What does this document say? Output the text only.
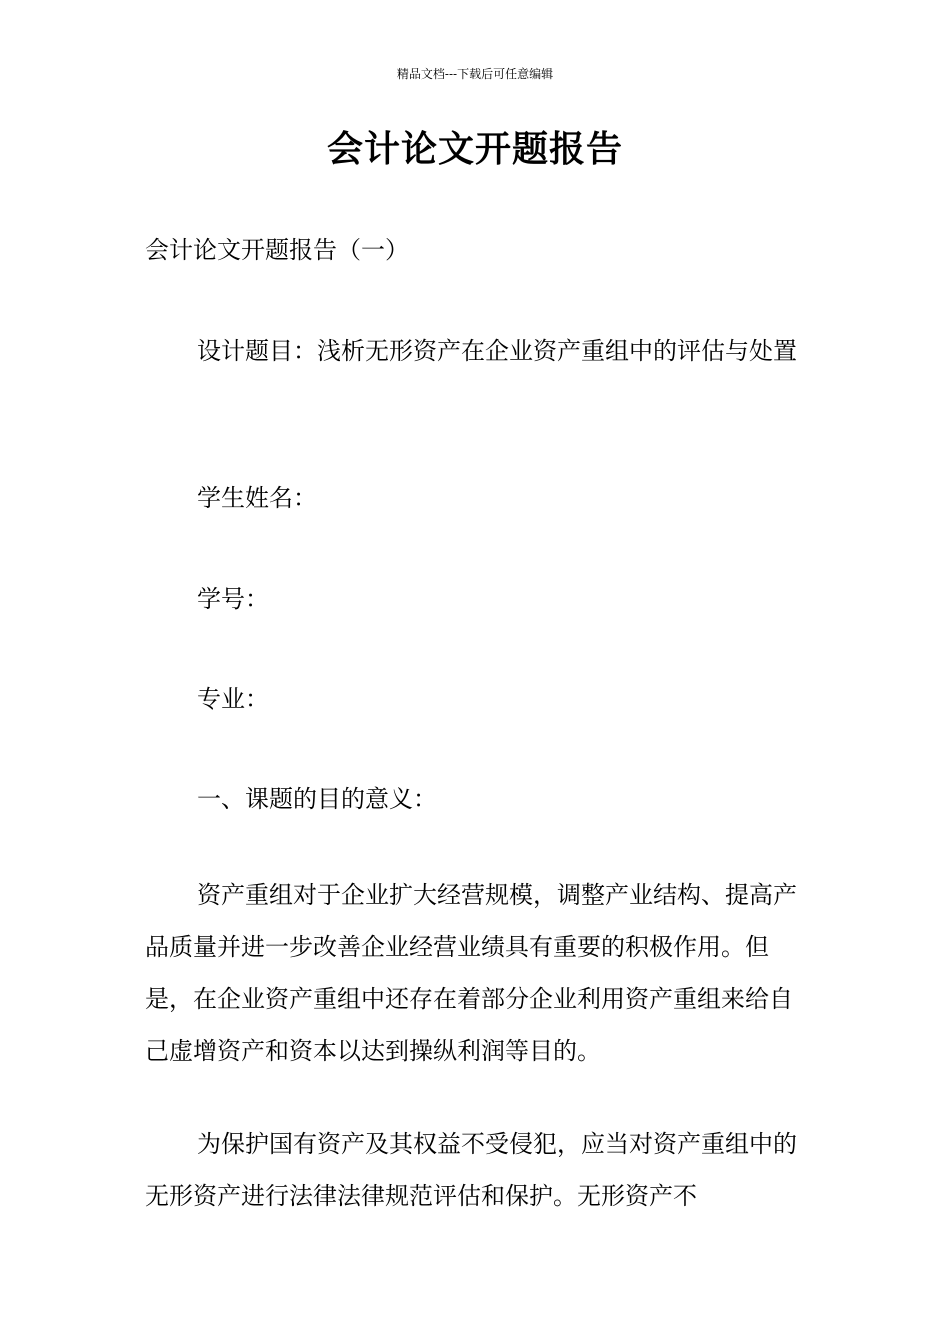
精品文档---下载后可任意编辑
会计论文开题报告

会计论文开题报告（一）

设计题目：浅析无形资产在企业资产重组中的评估与处置

学生姓名：

学号：

专业：

一、课题的目的意义：

资产重组对于企业扩大经营规模，调整产业结构、提高产品质量并进一步改善企业经营业绩具有重要的积极作用。但是，在企业资产重组中还存在着部分企业利用资产重组来给自己虚增资产和资本以达到操纵利润等目的。

为保护国有资产及其权益不受侵犯，应当对资产重组中的无形资产进行法律法律规范评估和保护。无形资产不
